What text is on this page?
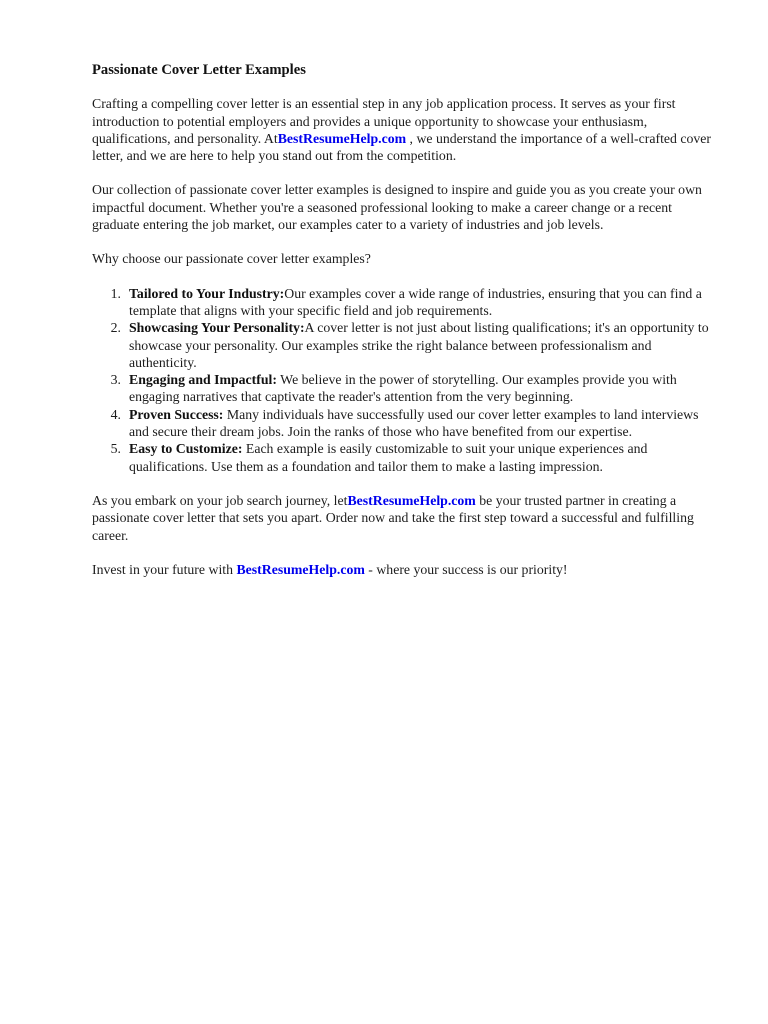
Passionate Cover Letter Examples

Crafting a compelling cover letter is an essential step in any job application process. It serves as your first introduction to potential employers and provides a unique opportunity to showcase your enthusiasm, qualifications, and personality. AtBestResumeHelp.com , we understand the importance of a well-crafted cover letter, and we are here to help you stand out from the competition.

Our collection of passionate cover letter examples is designed to inspire and guide you as you create your own impactful document. Whether you're a seasoned professional looking to make a career change or a recent graduate entering the job market, our examples cater to a variety of industries and job levels.

Why choose our passionate cover letter examples?

1. Tailored to Your Industry:Our examples cover a wide range of industries, ensuring that you can find a template that aligns with your specific field and job requirements.
2. Showcasing Your Personality:A cover letter is not just about listing qualifications; it's an opportunity to showcase your personality. Our examples strike the right balance between professionalism and authenticity.
3. Engaging and Impactful: We believe in the power of storytelling. Our examples provide you with engaging narratives that captivate the reader's attention from the very beginning.
4. Proven Success: Many individuals have successfully used our cover letter examples to land interviews and secure their dream jobs. Join the ranks of those who have benefited from our expertise.
5. Easy to Customize: Each example is easily customizable to suit your unique experiences and qualifications. Use them as a foundation and tailor them to make a lasting impression.

As you embark on your job search journey, letBestResumeHelp.com be your trusted partner in creating a passionate cover letter that sets you apart. Order now and take the first step toward a successful and fulfilling career.

Invest in your future with BestResumeHelp.com - where your success is our priority!
